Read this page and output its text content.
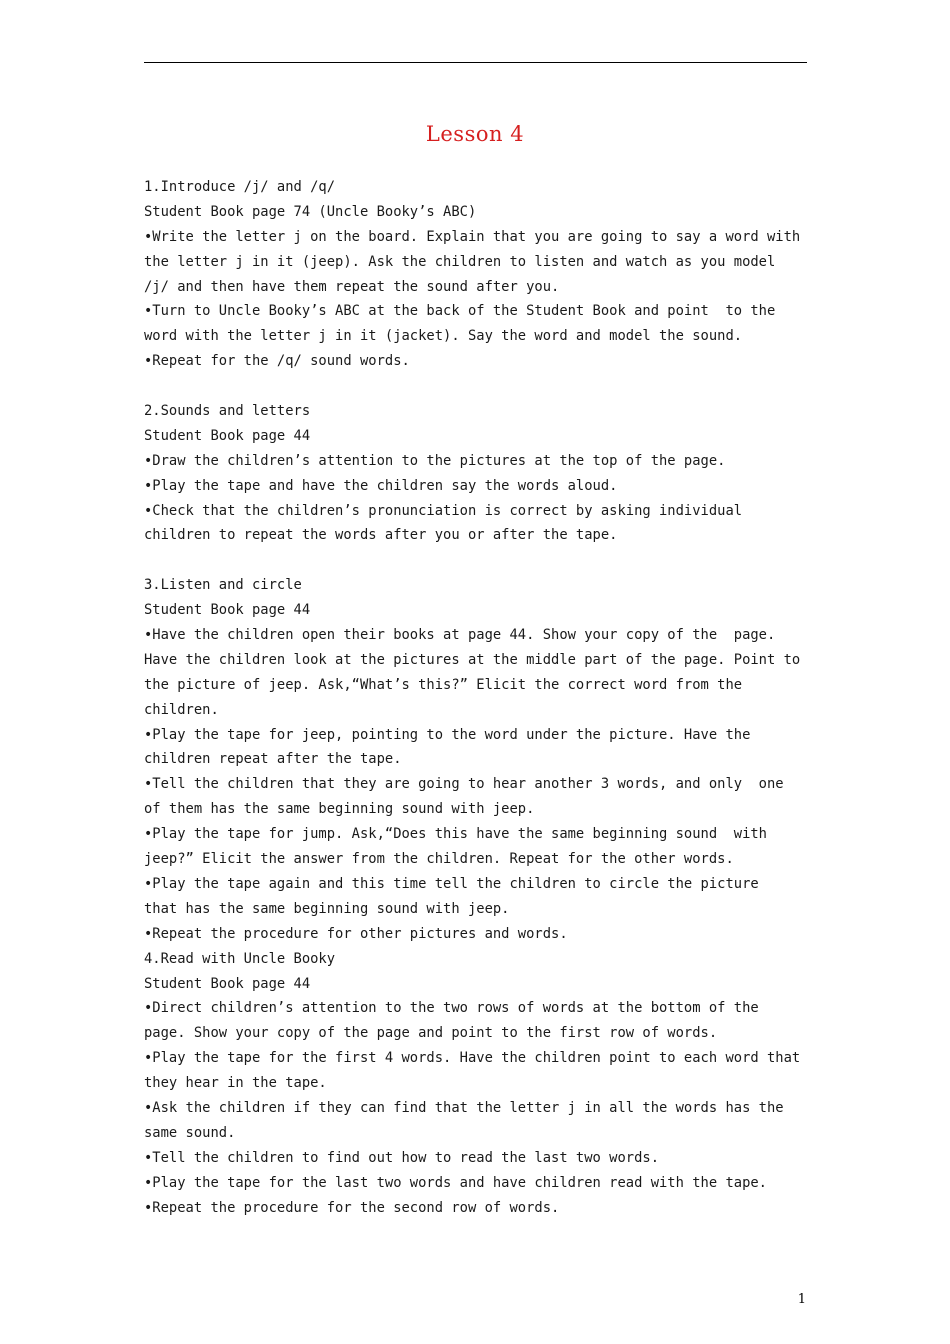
Lesson 4
1.Introduce /j/ and /q/
Student Book page 74 (Uncle Booky’s ABC)
•Write the letter j on the board. Explain that you are going to say a word with
the letter j in it (jeep). Ask the children to listen and watch as you model
/j/ and then have them repeat the sound after you.
•Turn to Uncle Booky’s ABC at the back of the Student Book and point  to the
word with the letter j in it (jacket). Say the word and model the sound.
•Repeat for the /q/ sound words.
2.Sounds and letters
Student Book page 44
•Draw the children’s attention to the pictures at the top of the page.
•Play the tape and have the children say the words aloud.
•Check that the children’s pronunciation is correct by asking individual
children to repeat the words after you or after the tape.
3.Listen and circle
Student Book page 44
•Have the children open their books at page 44. Show your copy of the  page.
Have the children look at the pictures at the middle part of the page. Point to
the picture of jeep. Ask,“What’s this?” Elicit the correct word from the
children.
•Play the tape for jeep, pointing to the word under the picture. Have the
children repeat after the tape.
•Tell the children that they are going to hear another 3 words, and only  one
of them has the same beginning sound with jeep.
•Play the tape for jump. Ask,“Does this have the same beginning sound  with
jeep?” Elicit the answer from the children. Repeat for the other words.
•Play the tape again and this time tell the children to circle the picture
that has the same beginning sound with jeep.
•Repeat the procedure for other pictures and words.
4.Read with Uncle Booky
Student Book page 44
•Direct children’s attention to the two rows of words at the bottom of the
page. Show your copy of the page and point to the first row of words.
•Play the tape for the first 4 words. Have the children point to each word that
they hear in the tape.
•Ask the children if they can find that the letter j in all the words has the
same sound.
•Tell the children to find out how to read the last two words.
•Play the tape for the last two words and have children read with the tape.
•Repeat the procedure for the second row of words.
1
